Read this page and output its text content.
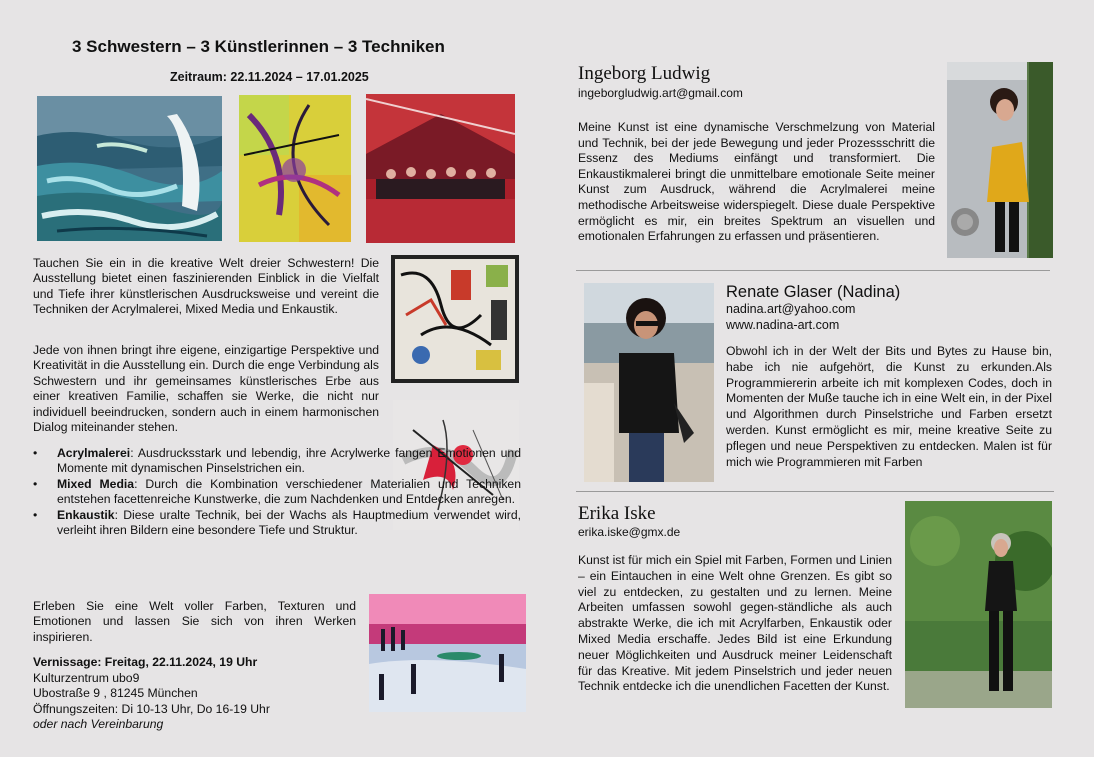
3 Schwestern – 3 Künstlerinnen – 3 Techniken
Zeitraum: 22.11.2024 – 17.01.2025

Tauchen Sie ein in die kreative Welt dreier Schwestern! Die Ausstellung bietet einen faszinierenden Einblick in die Vielfalt und Tiefe ihrer künstlerischen Ausdrucksweise und vereint die Techniken der Acrylmalerei, Mixed Media und Enkaustik.

Jede von ihnen bringt ihre eigene, einzigartige Perspektive und Kreativität in die Ausstellung ein. Durch die enge Verbindung als Schwestern und ihr gemeinsames künstlerisches Erbe aus einer kreativen Familie, schaffen sie Werke, die nicht nur individuell beeindrucken, sondern auch in einem harmonischen Dialog miteinander stehen.

• Acrylmalerei: Ausdrucksstark und lebendig, ihre Acrylwerke fangen Emotionen und Momente mit dynamischen Pinselstrichen ein.
• Mixed Media: Durch die Kombination verschiedener Materialien und Techniken entstehen facettenreiche Kunstwerke, die zum Nachdenken und Entdecken anregen.
• Enkaustik: Diese uralte Technik, bei der Wachs als Hauptmedium verwendet wird, verleiht ihren Bildern eine besondere Tiefe und Struktur.

Erleben Sie eine Welt voller Farben, Texturen und Emotionen und lassen Sie sich von ihren Werken inspirieren.

Vernissage: Freitag, 22.11.2024, 19 Uhr
Kulturzentrum ubo9
Ubostraße 9 , 81245 München
Öffnungszeiten: Di 10-13 Uhr, Do 16-19 Uhr
oder nach Vereinbarung
Ingeborg Ludwig
ingeborgludwig.art@gmail.com

Meine Kunst ist eine dynamische Verschmelzung von Material und Technik, bei der jede Bewegung und jeder Prozessschritt die Essenz des Mediums einfängt und transformiert. Die Enkaustikmalerei bringt die unmittelbare emotionale Seite meiner Kunst zum Ausdruck, während die Acrylmalerei meine methodische Arbeitsweise widerspiegelt. Diese duale Perspektive ermöglicht es mir, ein breites Spektrum an visuellen und emotionalen Erfahrungen zu erfassen und präsentieren.

Renate Glaser (Nadina)
nadina.art@yahoo.com
www.nadina-art.com

Obwohl ich in der Welt der Bits und Bytes zu Hause bin, habe ich nie aufgehört, die Kunst zu erkunden.Als Programmiererin arbeite ich mit komplexen Codes, doch in Momenten der Muße tauche ich in eine Welt ein, in der Pixel und Algorithmen durch Pinselstriche und Farben ersetzt werden. Kunst ermöglicht es mir, meine kreative Seite zu pflegen und neue Perspektiven zu entdecken. Malen ist für mich wie Programmieren mit Farben

Erika Iske
erika.iske@gmx.de

Kunst ist für mich ein Spiel mit Farben, Formen und Linien – ein Eintauchen in eine Welt ohne Grenzen. Es gibt so viel zu entdecken, zu gestalten und zu lernen. Meine Arbeiten umfassen sowohl gegen-ständliche als auch abstrakte Werke, die ich mit Acrylfarben, Enkaustik oder Mixed Media erschaffe. Jedes Bild ist eine Erkundung neuer Möglichkeiten und Ausdruck meiner Leidenschaft für das Kreative. Mit jedem Pinselstrich und jeder neuen Technik entdecke ich die unendlichen Facetten der Kunst.
